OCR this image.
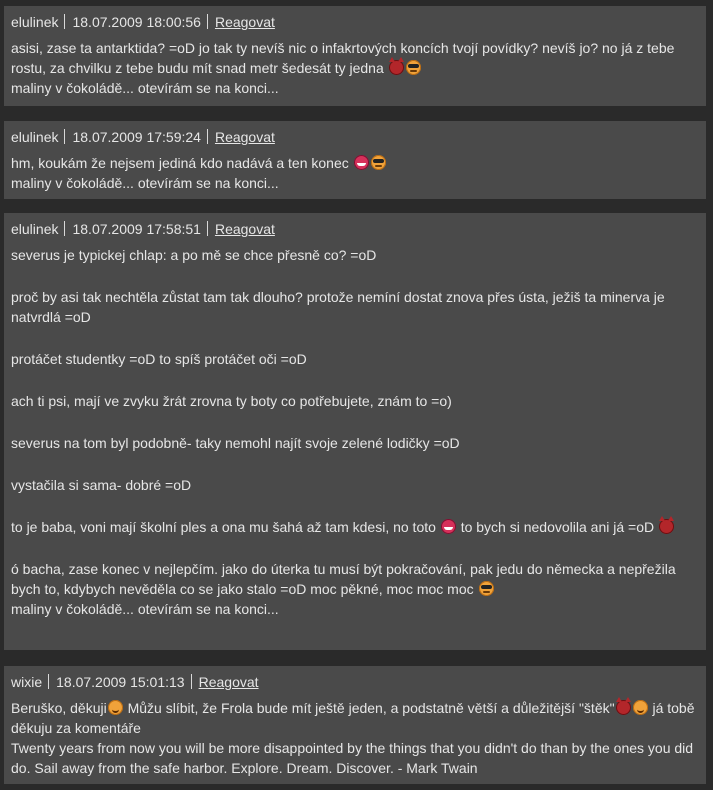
elulinek 18.07.2009 18:00:56 Reagovat

asisi, zase ta antarktida? =oD jo tak ty nevíš nic o infakrtových koncích tvojí povídky? nevíš jo? no já z tebe rostu, za chvilku z tebe budu mít snad metr šedesát ty jedna

maliny v čokoládě... otevírám se na konci...

elulinek 18.07.2009 17:59:24 Reagovat

hm, koukám že nejsem jediná kdo nadává a ten konec

maliny v čokoládě... otevírám se na konci...

elulinek 18.07.2009 17:58:51 Reagovat

severus je typickej chlap: a po mě se chce přesně co? =oD

proč by asi tak nechtěla zůstat tam tak dlouho? protože nemíní dostat znova přes ústa, ježiš ta minerva je natvrdlá =oD

protáčet studentky =oD to spíš protáčet oči =oD

ach ti psi, mají ve zvyku žrát zrovna ty boty co potřebujete, znám to =o)

severus na tom byl podobně- taky nemohl najít svoje zelené lodičky =oD

vystačila si sama- dobré =oD

to je baba, voni mají školní ples a ona mu šahá až tam kdesi, no toto to bych si nedovolila ani já =oD

ó bacha, zase konec v nejlepčím. jako do úterka tu musí být pokračování, pak jedu do německa a nepřežila bych to, kdybych nevěděla co se jako stalo =oD moc pěkné, moc moc moc

maliny v čokoládě... otevírám se na konci...

wixie 18.07.2009 15:01:13 Reagovat

Beruško, děkuji Můžu slíbit, že Frola bude mít ještě jeden, a podstatně větší a důležitější "štěk"	já tobě děkuju za komentáře

Twenty years from now you will be more disappointed by the things that you didn't do than by the ones you did do. Sail away from the safe harbor. Explore. Dream. Discover. - Mark Twain
